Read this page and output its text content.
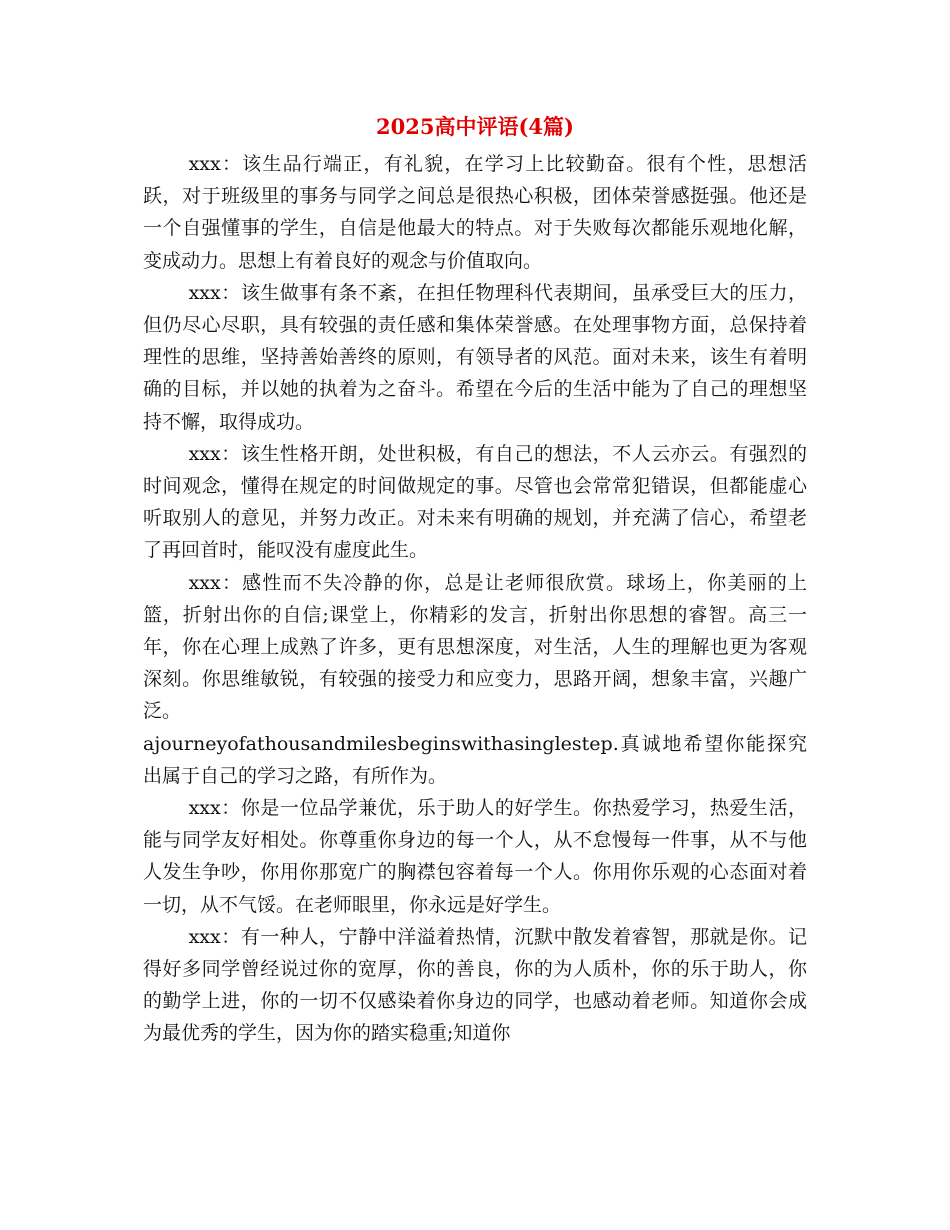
2025高中评语(4篇)

xxx：该生品行端正，有礼貌，在学习上比较勤奋。很有个性，思想活跃，对于班级里的事务与同学之间总是很热心积极，团体荣誉感挺强。他还是一个自强懂事的学生，自信是他最大的特点。对于失败每次都能乐观地化解，变成动力。思想上有着良好的观念与价值取向。

xxx：该生做事有条不紊，在担任物理科代表期间，虽承受巨大的压力，但仍尽心尽职，具有较强的责任感和集体荣誉感。在处理事物方面，总保持着理性的思维，坚持善始善终的原则，有领导者的风范。面对未来，该生有着明确的目标，并以她的执着为之奋斗。希望在今后的生活中能为了自己的理想坚持不懈，取得成功。

xxx：该生性格开朗，处世积极，有自己的想法，不人云亦云。有强烈的时间观念，懂得在规定的时间做规定的事。尽管也会常常犯错误，但都能虚心听取别人的意见，并努力改正。对未来有明确的规划，并充满了信心，希望老了再回首时，能叹没有虚度此生。

xxx：感性而不失冷静的你，总是让老师很欣赏。球场上，你美丽的上篮，折射出你的自信;课堂上，你精彩的发言，折射出你思想的睿智。高三一年，你在心理上成熟了许多，更有思想深度，对生活，人生的理解也更为客观深刻。你思维敏锐，有较强的接受力和应变力，思路开阔，想象丰富，兴趣广泛。

ajourneyofathousandmilesbeginswithasinglestep.真诚地希望你能探究出属于自己的学习之路，有所作为。

xxx：你是一位品学兼优，乐于助人的好学生。你热爱学习，热爱生活，能与同学友好相处。你尊重你身边的每一个人，从不怠慢每一件事，从不与他人发生争吵，你用你那宽广的胸襟包容着每一个人。你用你乐观的心态面对着一切，从不气馁。在老师眼里，你永远是好学生。

xxx：有一种人，宁静中洋溢着热情，沉默中散发着睿智，那就是你。记得好多同学曾经说过你的宽厚，你的善良，你的为人质朴，你的乐于助人，你的勤学上进，你的一切不仅感染着你身边的同学，也感动着老师。知道你会成为最优秀的学生，因为你的踏实稳重;知道你
